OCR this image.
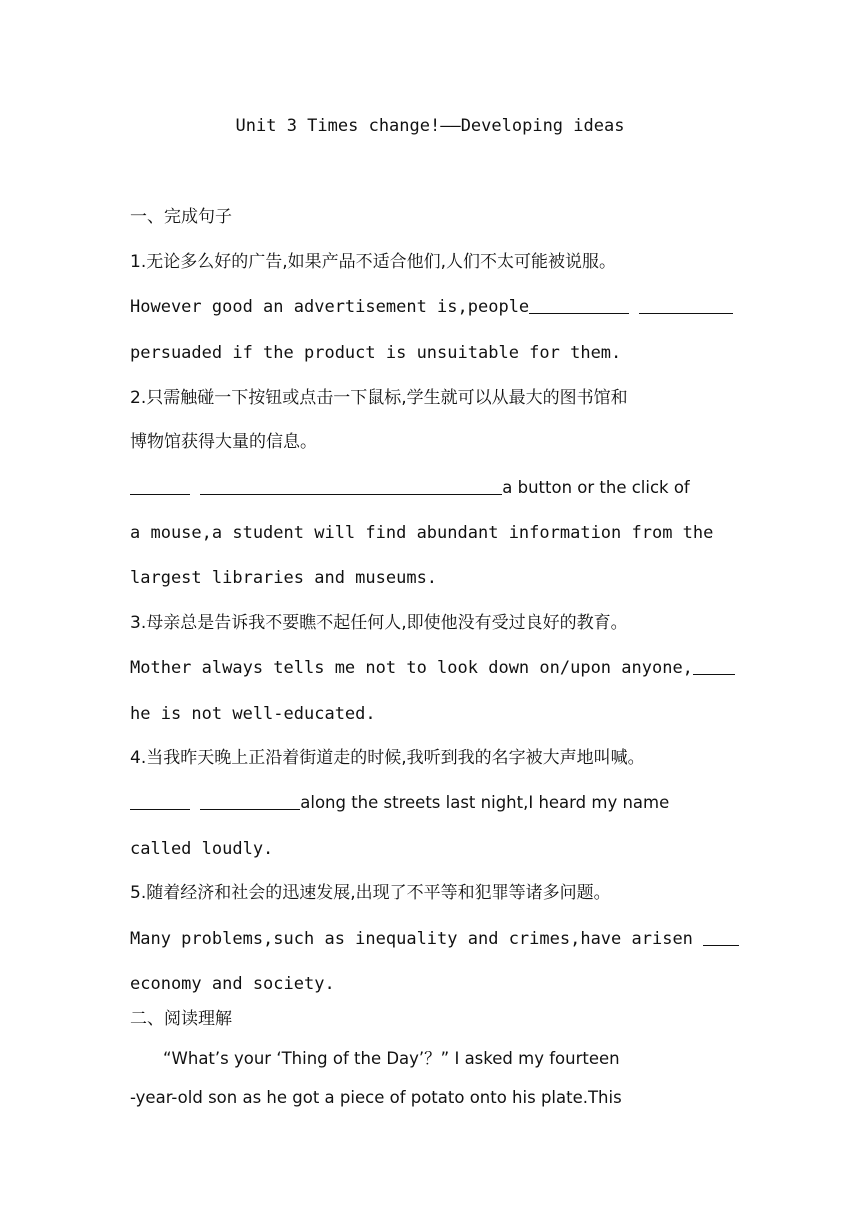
Unit 3 Times change!——Developing ideas
一、完成句子
1.无论多么好的广告,如果产品不适合他们,人们不太可能被说服。
However good an advertisement is,people
persuaded if the product is unsuitable for them.
2.只需触碰一下按钮或点击一下鼠标,学生就可以从最大的图书馆和
博物馆获得大量的信息。
a button or the click of
a mouse,a student will find abundant information from the
largest libraries and museums.
3.母亲总是告诉我不要瞧不起任何人,即使他没有受过良好的教育。
Mother always tells me not to look down on/upon anyone,
he is not well-educated.
4.当我昨天晚上正沿着街道走的时候,我听到我的名字被大声地叫喊。
along the streets last night,I heard my name
called loudly.
5.随着经济和社会的迅速发展,出现了不平等和犯罪等诸多问题。
Many problems,such as inequality and crimes,have arisen
economy and society.
二、阅读理解
“What’s your ‘Thing of the Day’？” I asked my fourteen
-year-old son as he got a piece of potato onto his plate.This
